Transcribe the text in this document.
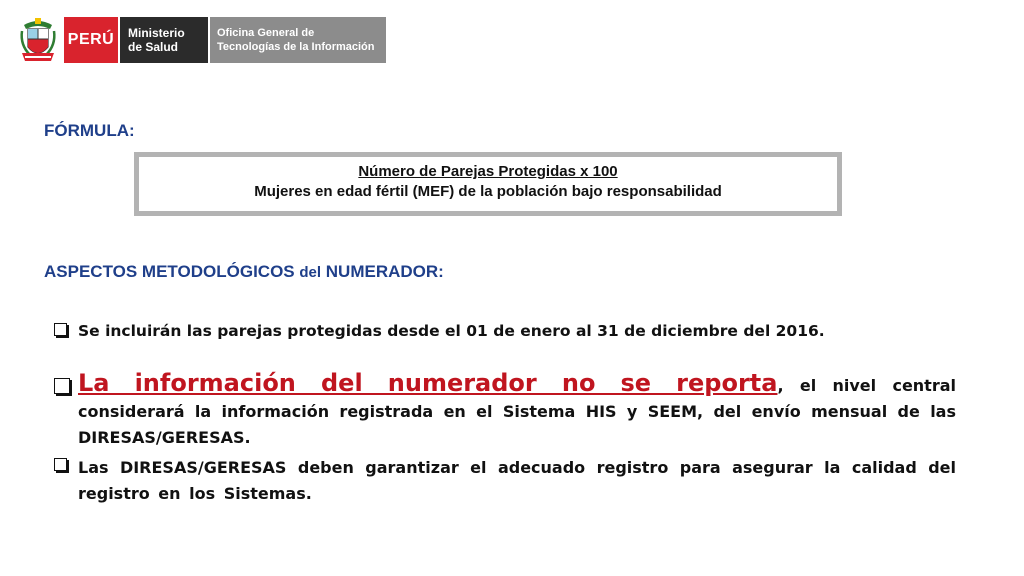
PERÚ Ministerio
de Salud
Oficina General de
Tecnologías de la Información
FÓRMULA:
Número de Parejas Protegidas x 100
Mujeres en edad fértil (MEF) de la población bajo responsabilidad
ASPECTOS METODOLÓGICOS del NUMERADOR:
Se incluirán las parejas protegidas desde el 01 de enero al 31 de diciembre del 2016.
La información del numerador no se reporta, el nivel central considerará la información registrada en el Sistema HIS y SEEM, del envío mensual de las DIRESAS/GERESAS.
Las DIRESAS/GERESAS deben garantizar el adecuado registro para asegurar la calidad del registro en los Sistemas.
